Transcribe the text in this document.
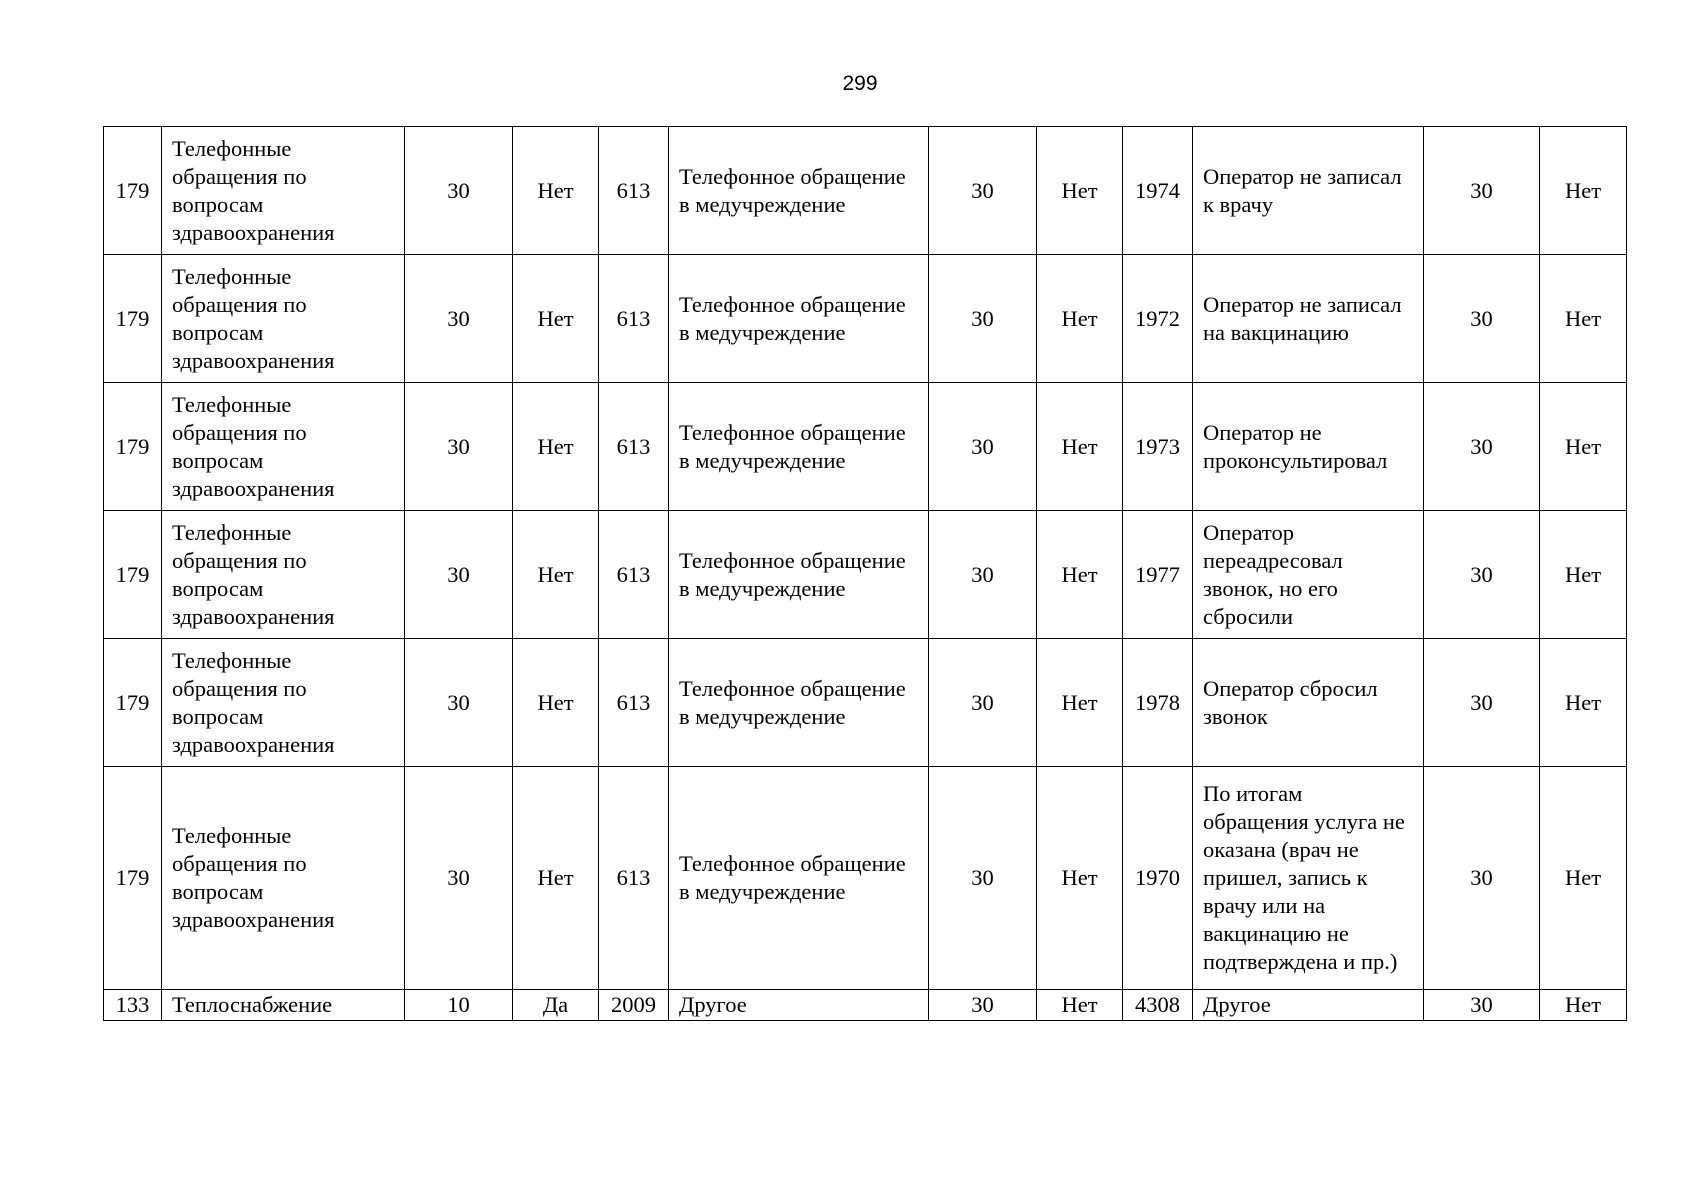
299
179	Телефонные обращения по вопросам здравоохранения	30	Нет	613	Телефонное обращение в медучреждение	30	Нет	1974	Оператор не записал к врачу	30	Нет
179	Телефонные обращения по вопросам здравоохранения	30	Нет	613	Телефонное обращение в медучреждение	30	Нет	1972	Оператор не записал на вакцинацию	30	Нет
179	Телефонные обращения по вопросам здравоохранения	30	Нет	613	Телефонное обращение в медучреждение	30	Нет	1973	Оператор не проконсультировал	30	Нет
179	Телефонные обращения по вопросам здравоохранения	30	Нет	613	Телефонное обращение в медучреждение	30	Нет	1977	Оператор переадресовал звонок, но его сбросили	30	Нет
179	Телефонные обращения по вопросам здравоохранения	30	Нет	613	Телефонное обращение в медучреждение	30	Нет	1978	Оператор сбросил звонок	30	Нет
179	Телефонные обращения по вопросам здравоохранения	30	Нет	613	Телефонное обращение в медучреждение	30	Нет	1970	По итогам обращения услуга не оказана (врач не пришел, запись к врачу или на вакцинацию не подтверждена и пр.)	30	Нет
133	Теплоснабжение	10	Да	2009	Другое	30	Нет	4308	Другое	30	Нет
